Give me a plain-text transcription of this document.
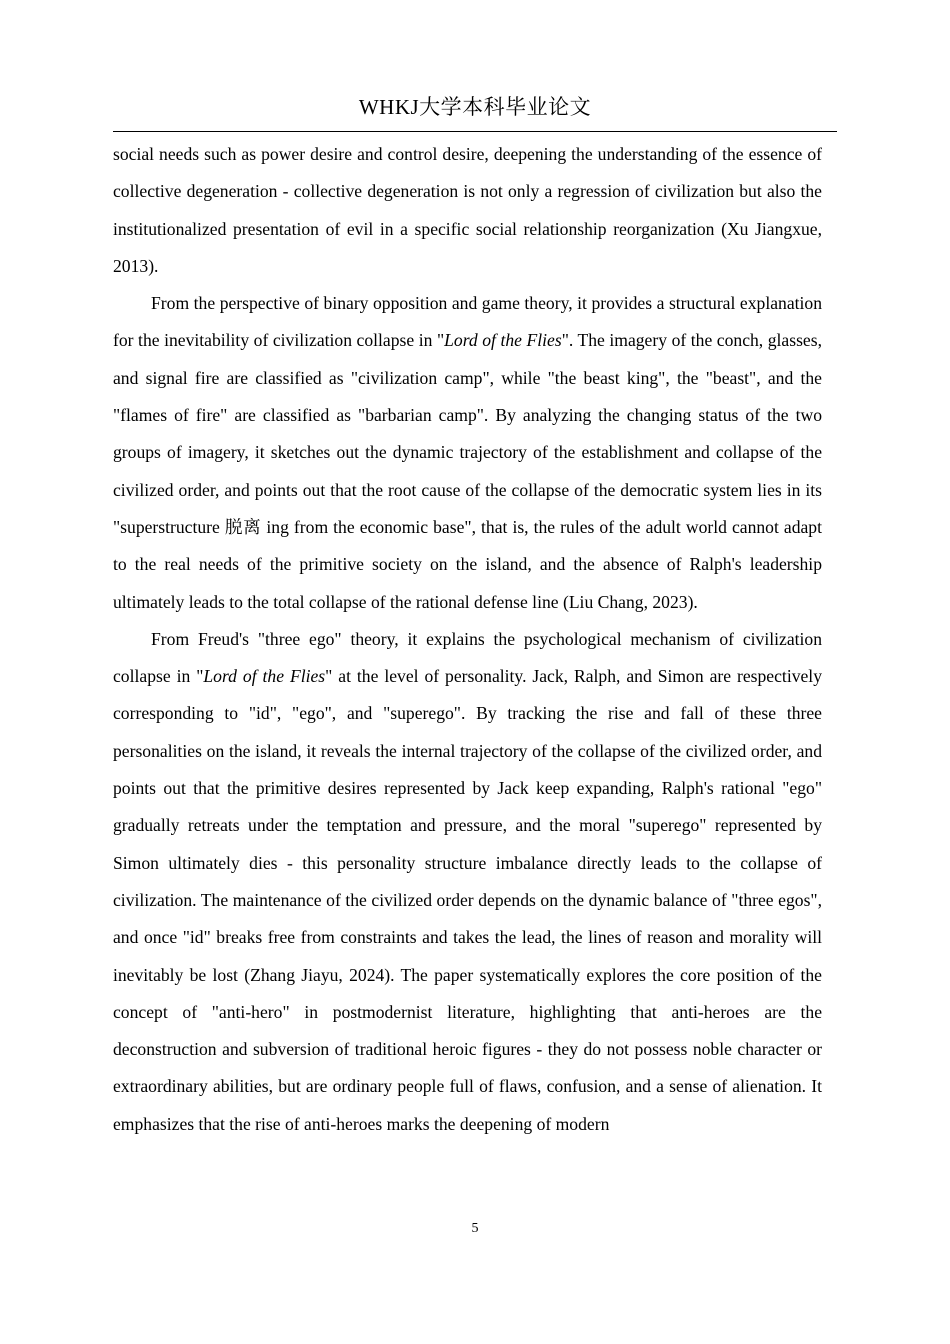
WHKJ大学本科毕业论文

social needs such as power desire and control desire, deepening the understanding of the essence of collective degeneration - collective degeneration is not only a regression of civilization but also the institutionalized presentation of evil in a specific social relationship reorganization (Xu Jiangxue, 2013).

From the perspective of binary opposition and game theory, it provides a structural explanation for the inevitability of civilization collapse in "Lord of the Flies". The imagery of the conch, glasses, and signal fire are classified as "civilization camp", while "the beast king", the "beast", and the "flames of fire" are classified as "barbarian camp". By analyzing the changing status of the two groups of imagery, it sketches out the dynamic trajectory of the establishment and collapse of the civilized order, and points out that the root cause of the collapse of the democratic system lies in its "superstructure 脱离 ing from the economic base", that is, the rules of the adult world cannot adapt to the real needs of the primitive society on the island, and the absence of Ralph's leadership ultimately leads to the total collapse of the rational defense line (Liu Chang, 2023).

From Freud's "three ego" theory, it explains the psychological mechanism of civilization collapse in "Lord of the Flies" at the level of personality. Jack, Ralph, and Simon are respectively corresponding to "id", "ego", and "superego". By tracking the rise and fall of these three personalities on the island, it reveals the internal trajectory of the collapse of the civilized order, and points out that the primitive desires represented by Jack keep expanding, Ralph's rational "ego" gradually retreats under the temptation and pressure, and the moral "superego" represented by Simon ultimately dies - this personality structure imbalance directly leads to the collapse of civilization. The maintenance of the civilized order depends on the dynamic balance of "three egos", and once "id" breaks free from constraints and takes the lead, the lines of reason and morality will inevitably be lost (Zhang Jiayu, 2024). The paper systematically explores the core position of the concept of "anti-hero" in postmodernist literature, highlighting that anti-heroes are the deconstruction and subversion of traditional heroic figures - they do not possess noble character or extraordinary abilities, but are ordinary people full of flaws, confusion, and a sense of alienation. It emphasizes that the rise of anti-heroes marks the deepening of modern

5
